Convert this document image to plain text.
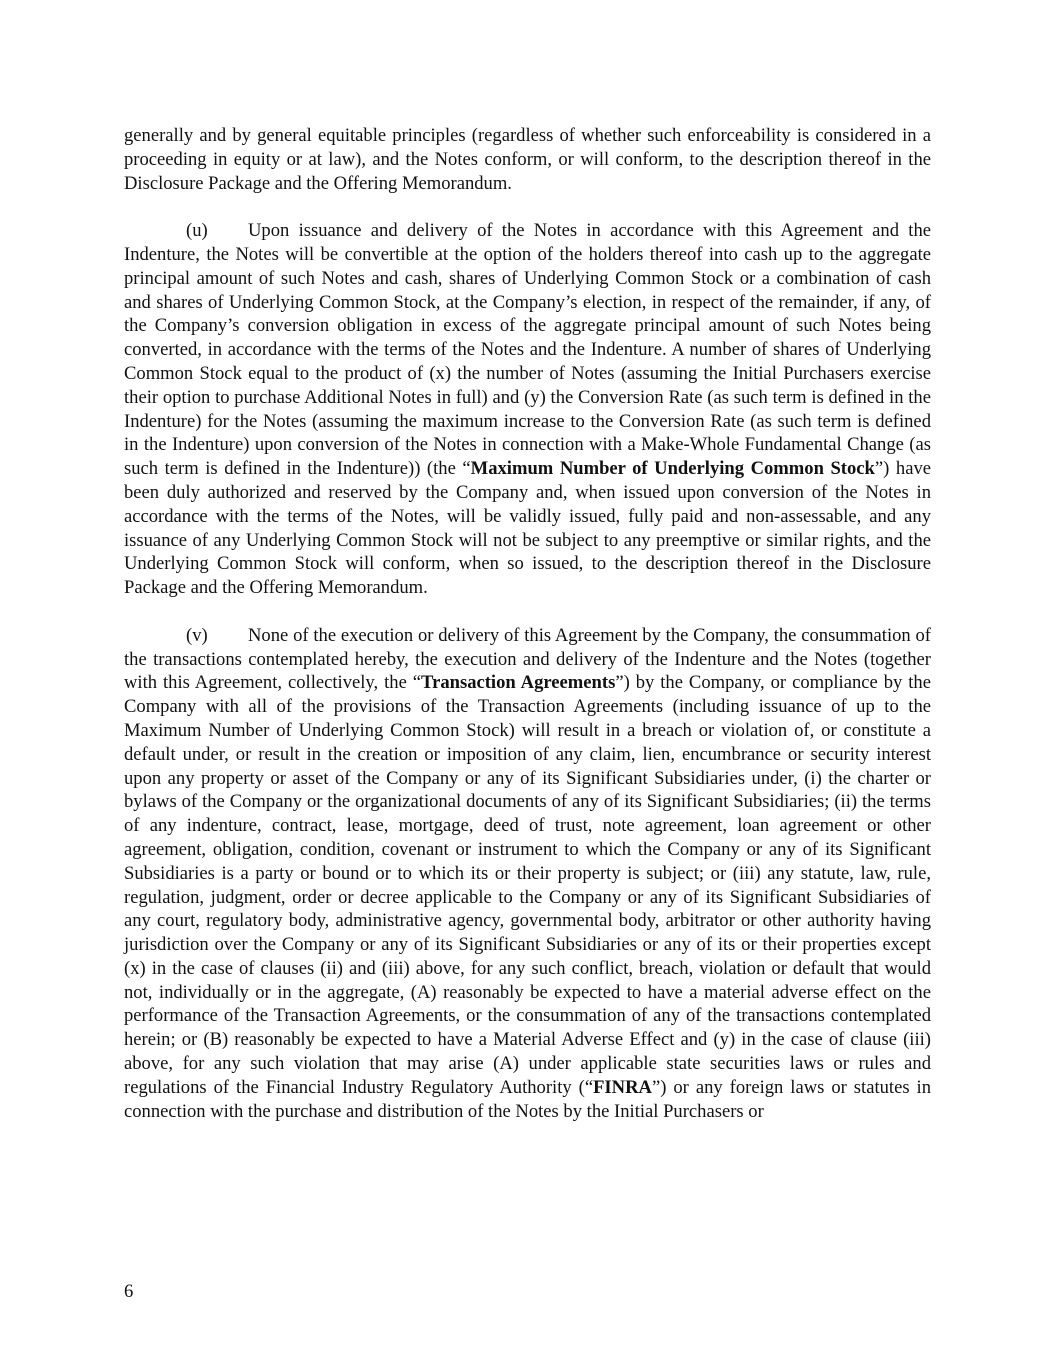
generally and by general equitable principles (regardless of whether such enforceability is considered in a proceeding in equity or at law), and the Notes conform, or will conform, to the description thereof in the Disclosure Package and the Offering Memorandum.

(u) Upon issuance and delivery of the Notes in accordance with this Agreement and the Indenture, the Notes will be convertible at the option of the holders thereof into cash up to the aggregate principal amount of such Notes and cash, shares of Underlying Common Stock or a combination of cash and shares of Underlying Common Stock, at the Company’s election, in respect of the remainder, if any, of the Company’s conversion obligation in excess of the aggregate principal amount of such Notes being converted, in accordance with the terms of the Notes and the Indenture. A number of shares of Underlying Common Stock equal to the product of (x) the number of Notes (assuming the Initial Purchasers exercise their option to purchase Additional Notes in full) and (y) the Conversion Rate (as such term is defined in the Indenture) for the Notes (assuming the maximum increase to the Conversion Rate (as such term is defined in the Indenture) upon conversion of the Notes in connection with a Make-Whole Fundamental Change (as such term is defined in the Indenture)) (the “Maximum Number of Underlying Common Stock”) have been duly authorized and reserved by the Company and, when issued upon conversion of the Notes in accordance with the terms of the Notes, will be validly issued, fully paid and non-assessable, and any issuance of any Underlying Common Stock will not be subject to any preemptive or similar rights, and the Underlying Common Stock will conform, when so issued, to the description thereof in the Disclosure Package and the Offering Memorandum.

(v) None of the execution or delivery of this Agreement by the Company, the consummation of the transactions contemplated hereby, the execution and delivery of the Indenture and the Notes (together with this Agreement, collectively, the “Transaction Agreements”) by the Company, or compliance by the Company with all of the provisions of the Transaction Agreements (including issuance of up to the Maximum Number of Underlying Common Stock) will result in a breach or violation of, or constitute a default under, or result in the creation or imposition of any claim, lien, encumbrance or security interest upon any property or asset of the Company or any of its Significant Subsidiaries under, (i) the charter or bylaws of the Company or the organizational documents of any of its Significant Subsidiaries; (ii) the terms of any indenture, contract, lease, mortgage, deed of trust, note agreement, loan agreement or other agreement, obligation, condition, covenant or instrument to which the Company or any of its Significant Subsidiaries is a party or bound or to which its or their property is subject; or (iii) any statute, law, rule, regulation, judgment, order or decree applicable to the Company or any of its Significant Subsidiaries of any court, regulatory body, administrative agency, governmental body, arbitrator or other authority having jurisdiction over the Company or any of its Significant Subsidiaries or any of its or their properties except (x) in the case of clauses (ii) and (iii) above, for any such conflict, breach, violation or default that would not, individually or in the aggregate, (A) reasonably be expected to have a material adverse effect on the performance of the Transaction Agreements, or the consummation of any of the transactions contemplated herein; or (B) reasonably be expected to have a Material Adverse Effect and (y) in the case of clause (iii) above, for any such violation that may arise (A) under applicable state securities laws or rules and regulations of the Financial Industry Regulatory Authority (“FINRA”) or any foreign laws or statutes in connection with the purchase and distribution of the Notes by the Initial Purchasers or

6
